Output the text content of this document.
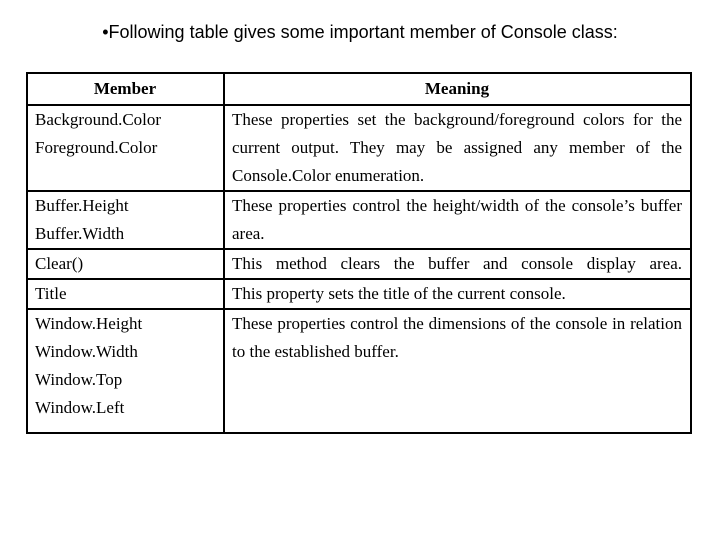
•Following table gives some important member of Console class:
Member	Meaning

Background.Color
Foreground.Color	These properties set the background/foreground colors for the current output. They may be assigned any member of the Console.Color enumeration.

Buffer.Height
Buffer.Width	These properties control the height/width of the console’s buffer area.

Clear()	This method clears the buffer and console display area.

Title	This property sets the title of the current console.

Window.Height
Window.Width
Window.Top
Window.Left	These properties control the dimensions of the console in relation to the established buffer.
